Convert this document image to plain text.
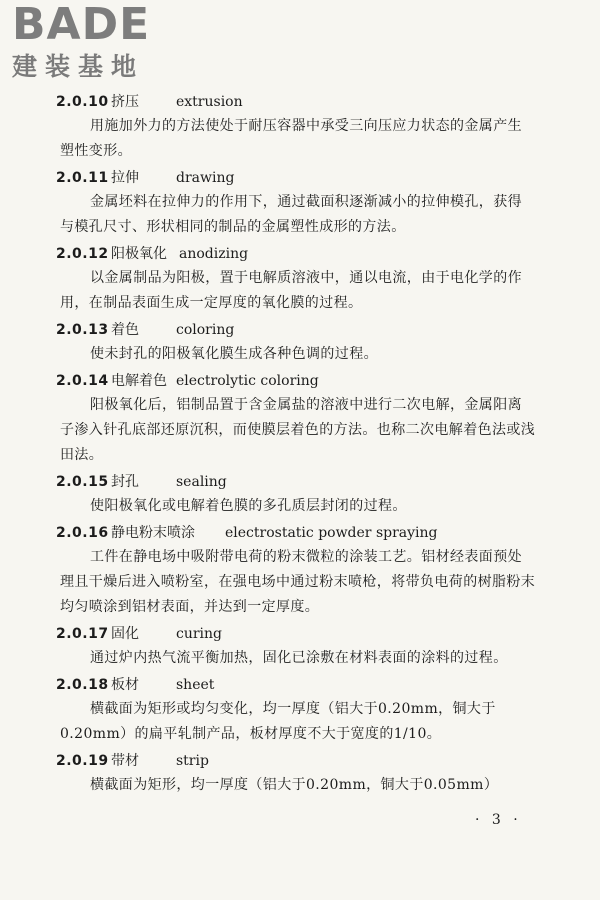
BADE
建装基地
2.0.10 挤压	extrusion

用施加外力的方法使处于耐压容器中承受三向压应力状态的金属产生塑性变形。

2.0.11 拉伸	drawing

金属坯料在拉伸力的作用下，通过截面积逐渐减小的拉伸模孔，获得与模孔尺寸、形状相同的制品的金属塑性成形的方法。

2.0.12 阳极氧化 anodizing

以金属制品为阳极，置于电解质溶液中，通以电流，由于电化学的作用，在制品表面生成一定厚度的氧化膜的过程。

2.0.13 着色	coloring

使未封孔的阳极氧化膜生成各种色调的过程。

2.0.14 电解着色 electrolytic coloring

阳极氧化后，铝制品置于含金属盐的溶液中进行二次电解，金属阳离子渗入针孔底部还原沉积，而使膜层着色的方法。也称二次电解着色法或浅田法。

2.0.15 封孔	sealing

使阳极氧化或电解着色膜的多孔质层封闭的过程。

2.0.16 静电粉末喷涂 electrostatic powder spraying

工件在静电场中吸附带电荷的粉末微粒的涂装工艺。铝材经表面预处理且干燥后进入喷粉室，在强电场中通过粉末喷枪，将带负电荷的树脂粉末均匀喷涂到铝材表面，并达到一定厚度。

2.0.17 固化	curing

通过炉内热气流平衡加热，固化已涂敷在材料表面的涂料的过程。

2.0.18 板材	sheet

横截面为矩形或均匀变化，均一厚度（铝大于0.20mm，铜大于0.20mm）的扁平轧制产品，板材厚度不大于宽度的1/10。

2.0.19 带材	strip

横截面为矩形，均一厚度（铝大于0.20mm，铜大于0.05mm）

· 3 ·
